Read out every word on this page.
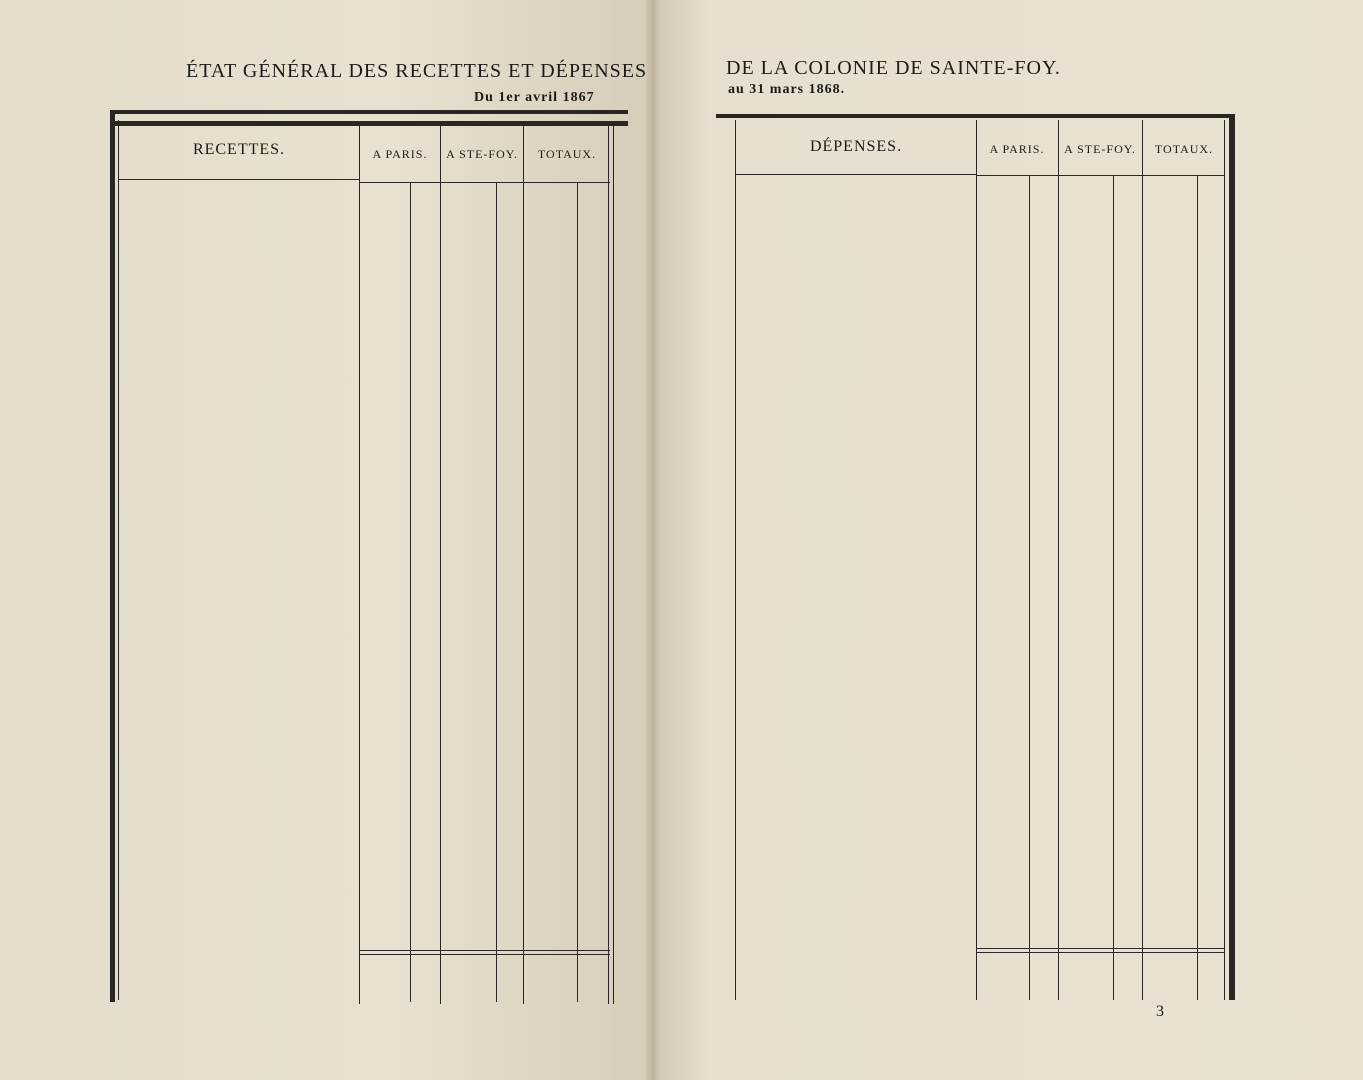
ÉTAT GÉNÉRAL DES RECETTES ET DÉPENSES
Du 1er avril 1867
DE LA COLONIE DE SAINTE-FOY.
au 31 mars 1868.
RECETTES.	A PARIS.	A STE-FOY.	TOTAUX.	DÉPENSES.	A PARIS.	A STE-FOY.	TOTAUX.
3
